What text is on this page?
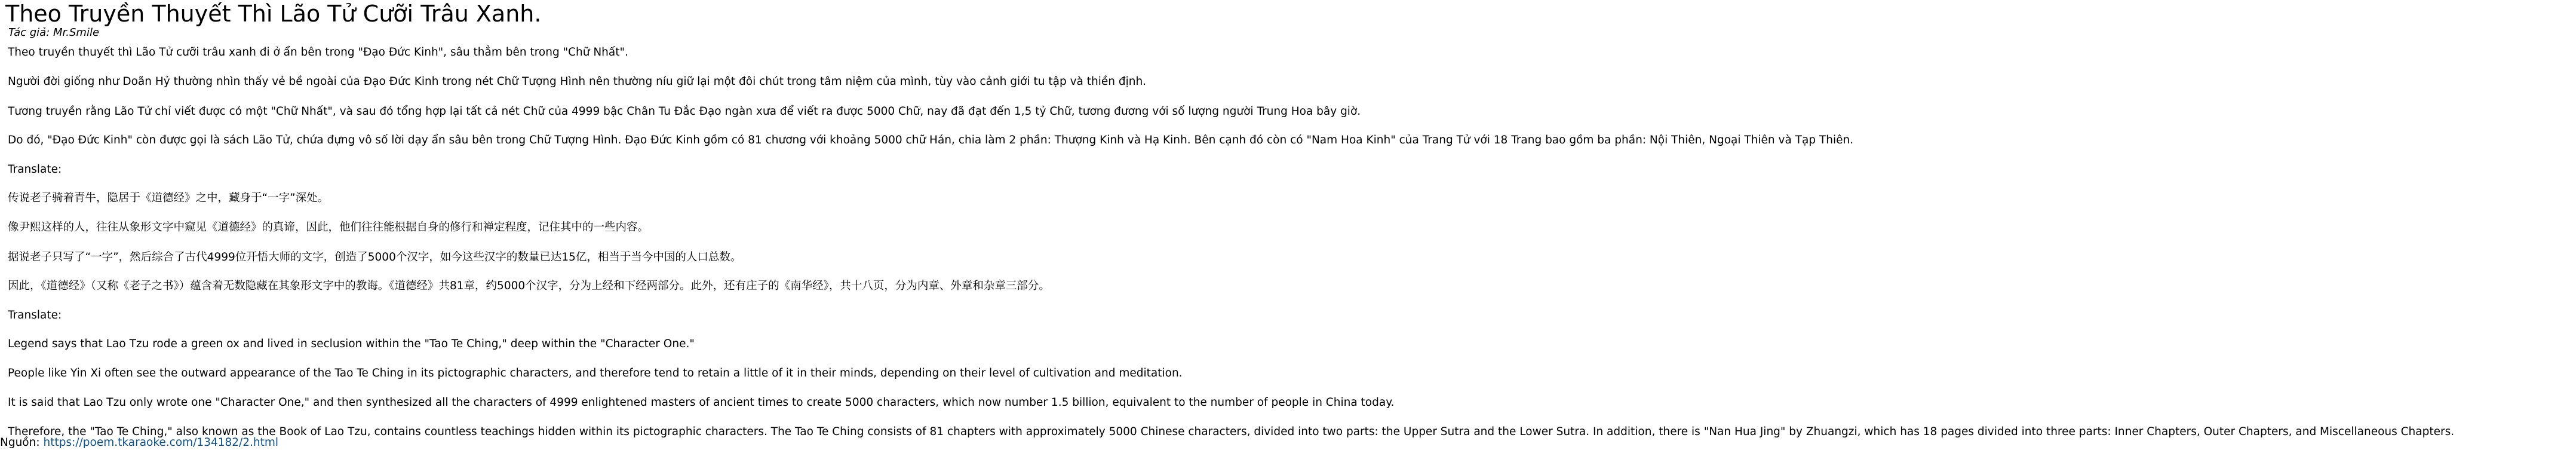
Theo Truyền Thuyết Thì Lão Tử Cưỡi Trâu Xanh.
Tác giả: Mr.Smile
Theo truyền thuyết thì Lão Tử cưỡi trâu xanh đi ở ẩn bên trong "Đạo Đức Kinh", sâu thẳm bên trong "Chữ Nhất".
Người đời giống như Doãn Hỷ thường nhìn thấy vẻ bề ngoài của Đạo Đức Kinh trong nét Chữ Tượng Hình nên thường níu giữ lại một đôi chút trong tâm niệm của mình, tùy vào cảnh giới tu tập và thiền định.
Tương truyền rằng Lão Tử chỉ viết được có một "Chữ Nhất", và sau đó tổng hợp lại tất cả nét Chữ của 4999 bậc Chân Tu Đắc Đạo ngàn xưa để viết ra được 5000 Chữ, nay đã đạt đến 1,5 tỷ Chữ, tương đương với số lượng người Trung Hoa bây giờ.
Do đó, "Đạo Đức Kinh" còn được gọi là sách Lão Tử, chứa đựng vô số lời dạy ẩn sâu bên trong Chữ Tượng Hình. Đạo Đức Kinh gồm có 81 chương với khoảng 5000 chữ Hán, chia làm 2 phần: Thượng Kinh và Hạ Kinh. Bên cạnh đó còn có "Nam Hoa Kinh" của Trang Tử với 18 Trang bao gồm ba phần: Nội Thiên, Ngoại Thiên và Tạp Thiên.
Translate:
传说老子骑着青牛，隐居于《道德经》之中，藏身于“一字”深处。
像尹熙这样的人，往往从象形文字中窥见《道德经》的真谛，因此，他们往往能根据自身的修行和禅定程度，记住其中的一些内容。
据说老子只写了“一字”，然后综合了古代4999位开悟大师的文字，创造了5000个汉字，如今这些汉字的数量已达15亿，相当于当今中国的人口总数。
因此，《道德经》（又称《老子之书》）蕴含着无数隐藏在其象形文字中的教诲。《道德经》共81章，约5000个汉字，分为上经和下经两部分。此外，还有庄子的《南华经》，共十八页，分为内章、外章和杂章三部分。
Translate:
Legend says that Lao Tzu rode a green ox and lived in seclusion within the "Tao Te Ching," deep within the "Character One."
People like Yin Xi often see the outward appearance of the Tao Te Ching in its pictographic characters, and therefore tend to retain a little of it in their minds, depending on their level of cultivation and meditation.
It is said that Lao Tzu only wrote one "Character One," and then synthesized all the characters of 4999 enlightened masters of ancient times to create 5000 characters, which now number 1.5 billion, equivalent to the number of people in China today.
Therefore, the "Tao Te Ching," also known as the Book of Lao Tzu, contains countless teachings hidden within its pictographic characters. The Tao Te Ching consists of 81 chapters with approximately 5000 Chinese characters, divided into two parts: the Upper Sutra and the Lower Sutra. In addition, there is "Nan Hua Jing" by Zhuangzi, which has 18 pages divided into three parts: Inner Chapters, Outer Chapters, and Miscellaneous Chapters.
Nguồn: https://poem.tkaraoke.com/134182/2.html
